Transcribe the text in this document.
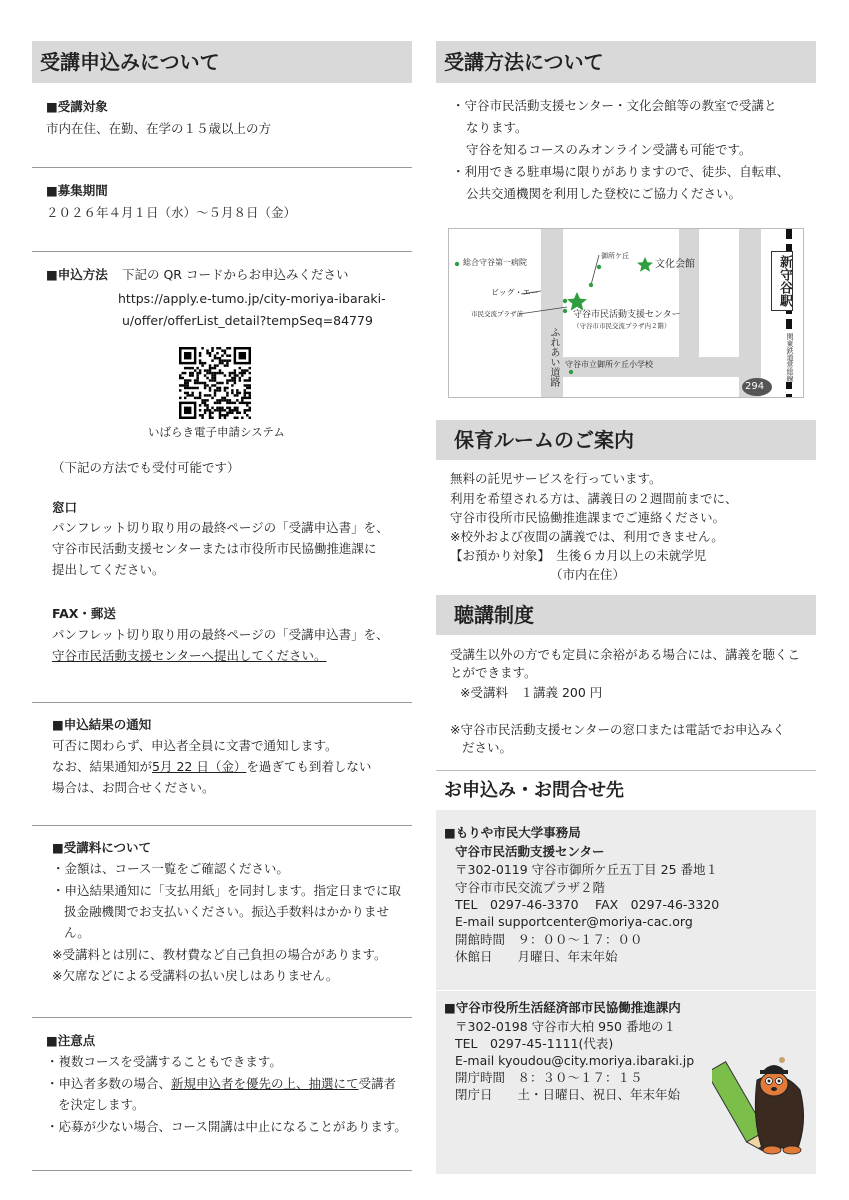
受講申込みについて
■受講対象
市内在住、在勤、在学の１５歳以上の方
■募集期間
２０２６年４月１日（水）～５月８日（金）
■申込方法 下記の QR コードからお申込みください
https://apply.e-tumo.jp/city-moriya-ibaraki-
u/offer/offerList_detail?tempSeq=84779
いばらき電子申請システム
（下記の方法でも受付可能です）
窓口
パンフレット切り取り用の最終ページの「受講申込書」を、
守谷市民活動支援センターまたは市役所市民協働推進課に
提出してください。
FAX・郵送
パンフレット切り取り用の最終ページの「受講申込書」を、
守谷市民活動支援センターへ提出してください。
■申込結果の通知
可否に関わらず、申込者全員に文書で通知します。
なお、結果通知が5月 22 日（金）を過ぎても到着しない
場合は、お問合せください。
■受講料について
・金額は、コース一覧をご確認ください。
・申込結果通知に「支払用紙」を同封します。指定日までに取
扱金融機関でお支払いください。振込手数料はかかりませ
ん。
※受講料とは別に、教材費など自己負担の場合があります。
※欠席などによる受講料の払い戻しはありません。
■注意点
・複数コースを受講することもできます。
・申込者多数の場合、新規申込者を優先の上、抽選にて受講者
を決定します。
・応募が少ない場合、コース開講は中止になることがあります。
受講方法について
・守谷市民活動支援センター・文化会館等の教室で受講と
なります。
守谷を知るコースのみオンライン受講も可能です。
・利用できる駐車場に限りがありますので、徒歩、自転車、
公共交通機関を利用した登校にご協力ください。
総合守谷第一病院
御所ケ丘
文化会館
ビッグ・エー
市民交流プラザ前	守谷市民活動支援センター
（守谷市市民交流プラザ内２階）
守谷市立御所ケ丘小学校
ふれあい道路
新守谷駅
関東鉄道常総線
294
保育ルームのご案内
無料の託児サービスを行っています。
利用を希望される方は、講義日の２週間前までに、
守谷市役所市民協働推進課までご連絡ください。
※校外および夜間の講義では、利用できません。
【お預かり対象】　生後６カ月以上の未就学児
（市内在住）
聴講制度
受講生以外の方でも定員に余裕がある場合には、講義を聴くこ
とができます。
※受講料　１講義 200 円
※守谷市民活動支援センターの窓口または電話でお申込みく
ださい。
お申込み・お問合せ先
■もりや市民大学事務局
守谷市民活動支援センター
〒302-0119 守谷市御所ケ丘五丁目 25 番地１
守谷市市民交流プラザ２階
TEL　0297-46-3370　 FAX　0297-46-3320
E-mail supportcenter@moriya-cac.org
開館時間　９：００～１７：００
休館日　　月曜日、年末年始
■守谷市役所生活経済部市民協働推進課内
〒302-0198 守谷市大柏 950 番地の１
TEL　0297-45-1111(代表)
E-mail kyoudou@city.moriya.ibaraki.jp
開庁時間　８：３０～１７：１５
閉庁日　　土・日曜日、祝日、年末年始
